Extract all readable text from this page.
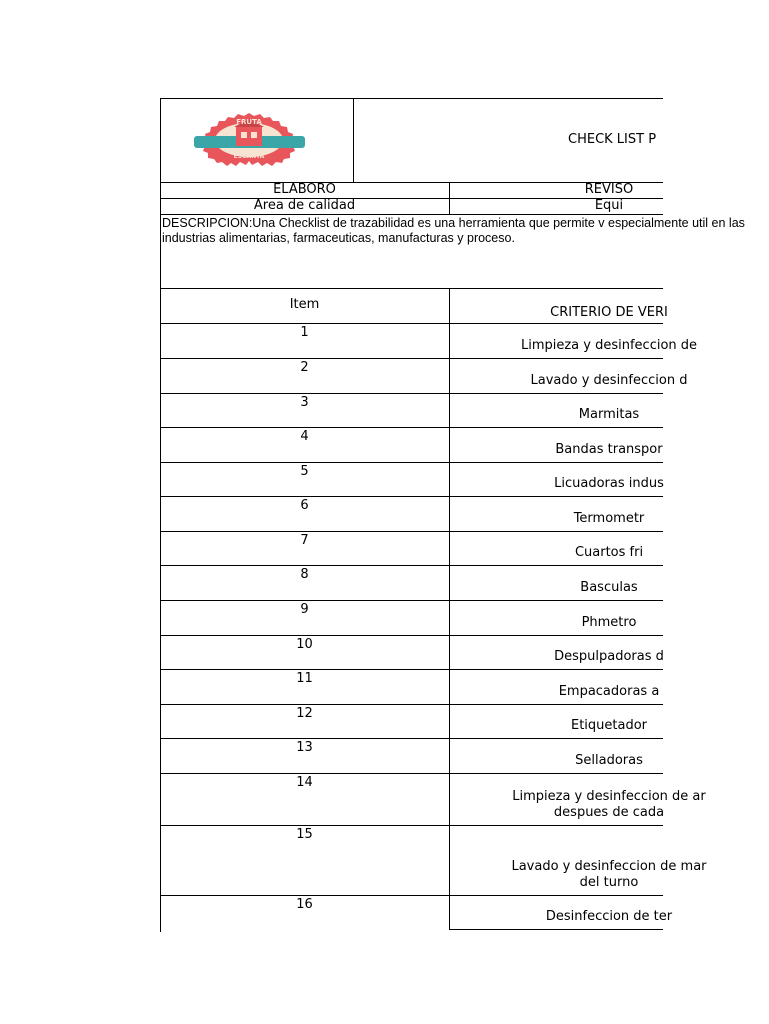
FRUTA
ESCANTA
CHECK LIST P
ELABORO	REVISO
Area de calidad	Equi
DESCRIPCION:Una Checklist de trazabilidad es una herramienta que permite v especialmente util en las industrias alimentarias, farmaceuticas, manufacturas y proceso.
Item
CRITERIO DE VERI
1
Limpieza y desinfeccion de
2
Lavado y desinfeccion d
3
Marmitas
4
Bandas transpor
5
Licuadoras indus
6
Termometr
7
Cuartos fri
8
Basculas
9
Phmetro
10
Despulpadoras d
11
Empacadoras a
12
Etiquetador
13
Selladoras
14
Limpieza y desinfeccion de ar
despues de cada
15
Lavado y desinfeccion de mar
del turno
16
Desinfeccion de ter
